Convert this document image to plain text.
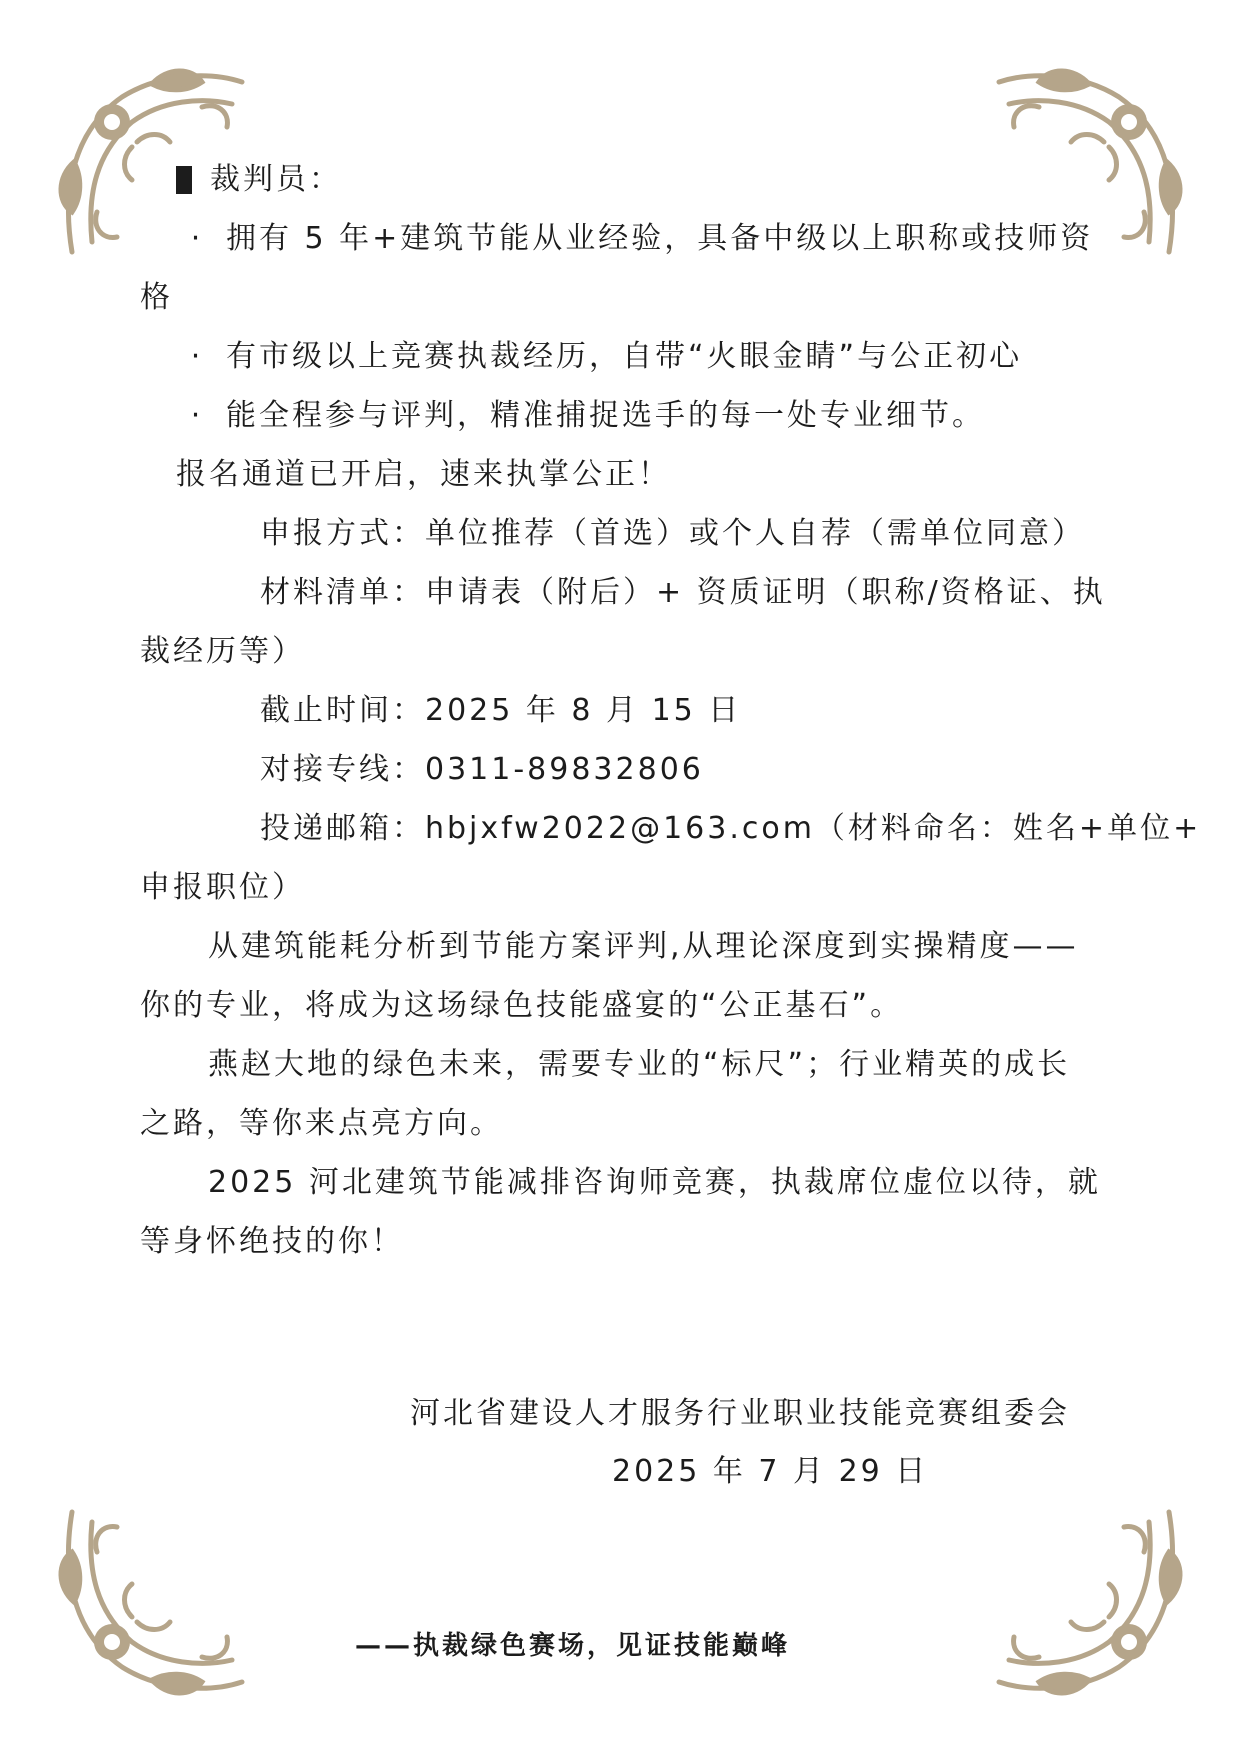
裁判员：
· 拥有 5 年+建筑节能从业经验，具备中级以上职称或技师资
格
· 有市级以上竞赛执裁经历，自带“火眼金睛”与公正初心
· 能全程参与评判，精准捕捉选手的每一处专业细节。
报名通道已开启，速来执掌公正！
申报方式：单位推荐（首选）或个人自荐（需单位同意）
材料清单：申请表（附后）+ 资质证明（职称/资格证、执
裁经历等）
截止时间：2025 年 8 月 15 日
对接专线：0311-89832806
投递邮箱：hbjxfw2022@163.com（材料命名：姓名+单位+
申报职位）
从建筑能耗分析到节能方案评判,从理论深度到实操精度——
你的专业，将成为这场绿色技能盛宴的“公正基石”。
燕赵大地的绿色未来，需要专业的“标尺”；行业精英的成长
之路，等你来点亮方向。
2025 河北建筑节能减排咨询师竞赛，执裁席位虚位以待，就
等身怀绝技的你！
河北省建设人才服务行业职业技能竞赛组委会
2025 年 7 月 29 日
——执裁绿色赛场，见证技能巅峰
